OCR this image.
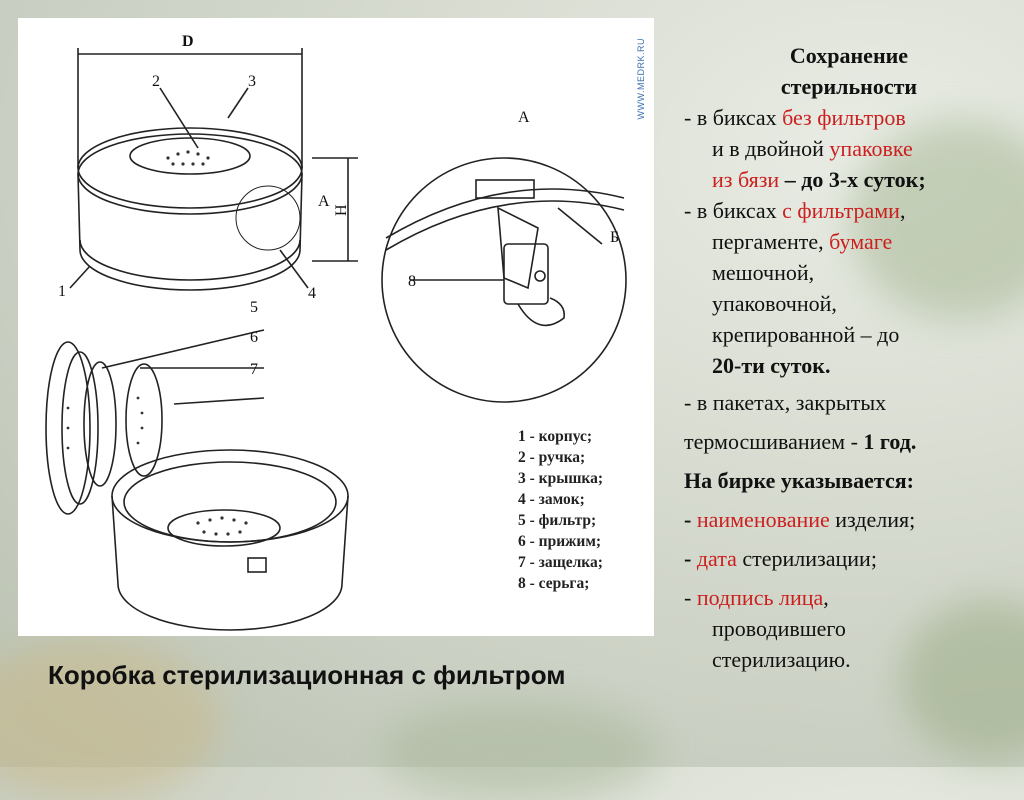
D
A
H
A
Б
2	3
1	4
8
5
6
7
1 - корпус;
2 - ручка;
3 - крышка;
4 - замок;
5 - фильтр;
6 - прижим;
7 - защелка;
8 - серьга;
WWW.MEDRK.RU
Коробка стерилизационная с фильтром
Сохранение
стерильности
- в биксах без фильтров
и в двойной упаковке
из бязи – до 3-х суток;
- в биксах с фильтрами,
пергаменте, бумаге
мешочной,
упаковочной,
крепированной – до
20-ти суток.
- в пакетах, закрытых
термосшиванием - 1 год.
На бирке указывается:
- наименование изделия;
- дата стерилизации;
- подпись лица,
проводившего
стерилизацию.
